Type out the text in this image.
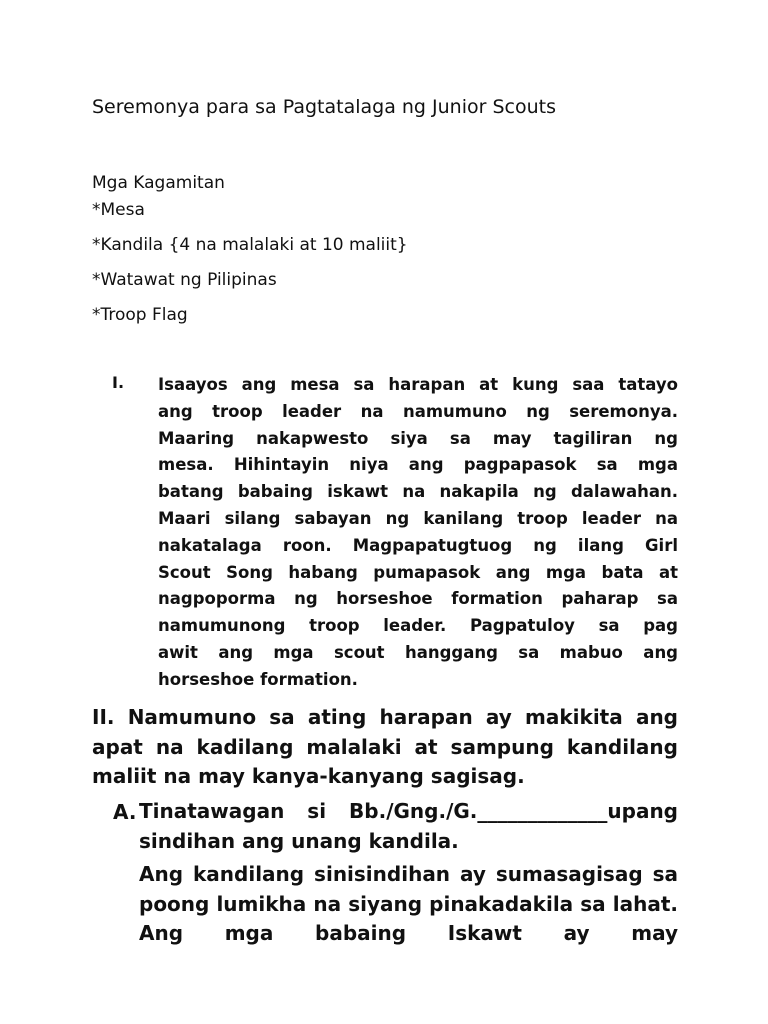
Seremonya para sa Pagtatalaga ng Junior Scouts
Mga Kagamitan
*Mesa
*Kandila {4 na malalaki at 10 maliit}
*Watawat ng Pilipinas
*Troop Flag
I. Isaayos ang mesa sa harapan at kung saa tatayo
ang troop leader na namumuno ng seremonya.
Maaring nakapwesto siya sa may tagiliran ng
mesa. Hihintayin niya ang pagpapasok sa mga
batang babaing iskawt na nakapila ng dalawahan.
Maari silang sabayan ng kanilang troop leader na
nakatalaga roon. Magpapatugtuog ng ilang Girl
Scout Song habang pumapasok ang mga bata at
nagpoporma ng horseshoe formation paharap sa
namumunong troop leader. Pagpatuloy sa pag
awit ang mga scout hanggang sa mabuo ang
horseshoe formation.
II. Namumuno sa ating harapan ay makikita ang
apat na kadilang malalaki at sampung kandilang
maliit na may kanya-kanyang sagisag.
A. Tinatawagan si Bb./Gng./G._____________upang
sindihan ang unang kandila.
Ang kandilang sinisindihan ay sumasagisag sa
poong lumikha na siyang pinakadakila sa lahat.
Ang mga babaing Iskawt ay may
